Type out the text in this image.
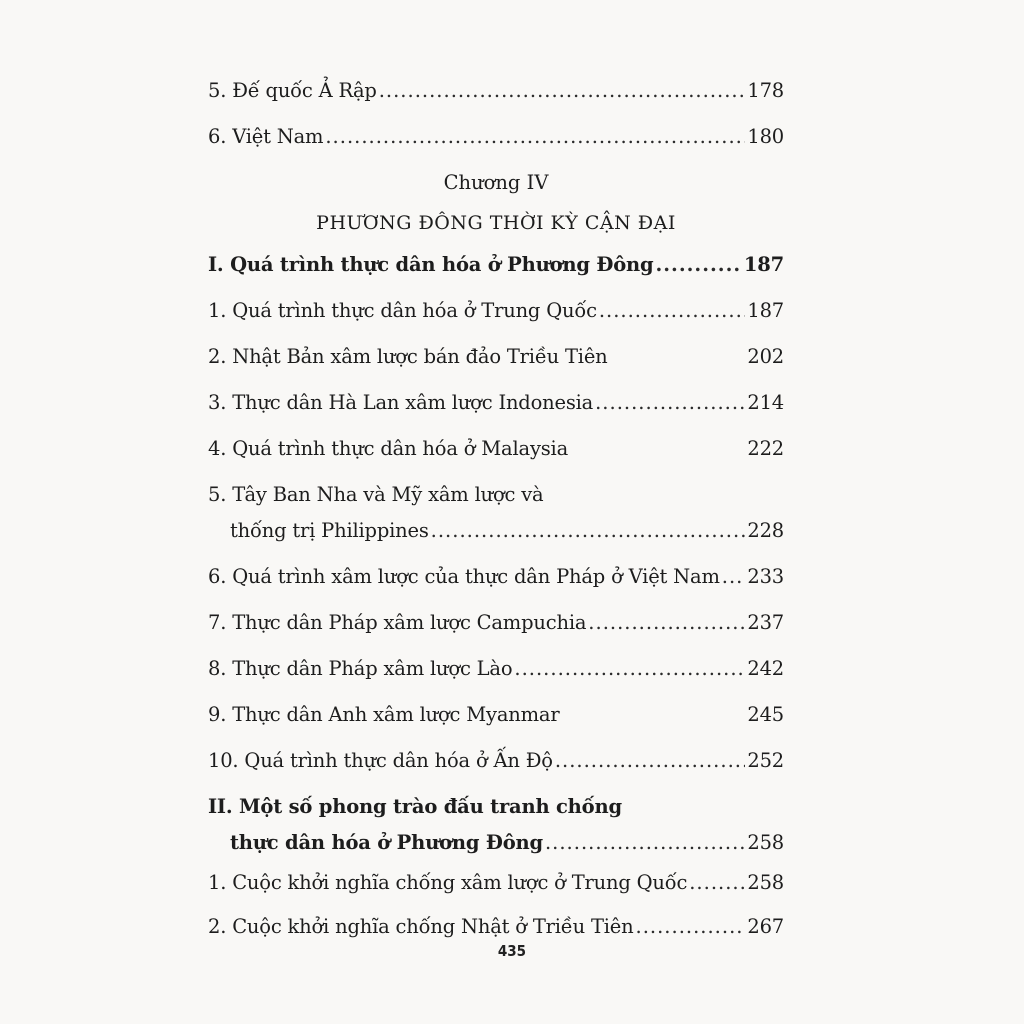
5. Đế quốc Ả Rập .....	178
6. Việt Nam .....	180
Chương IV
PHƯƠNG ĐÔNG THỜI KỲ CẬN ĐẠI
I. Quá trình thực dân hóa ở Phương Đông .....	187
1. Quá trình thực dân hóa ở Trung Quốc .....	187
2. Nhật Bản xâm lược bán đảo Triều Tiên	202
3. Thực dân Hà Lan xâm lược Indonesia .....	214
4. Quá trình thực dân hóa ở Malaysia	222
5. Tây Ban Nha và Mỹ xâm lược và
thống trị Philippines .....	228
6. Quá trình xâm lược của thực dân Pháp ở Việt Nam ..... 233
7. Thực dân Pháp xâm lược Campuchia .....	237
8. Thực dân Pháp xâm lược Lào .....	242
9. Thực dân Anh xâm lược Myanmar	245
10. Quá trình thực dân hóa ở Ấn Độ .....	252
II. Một số phong trào đấu tranh chống
thực dân hóa ở Phương Đông .....	258
1. Cuộc khởi nghĩa chống xâm lược ở Trung Quốc .....	258
2. Cuộc khởi nghĩa chống Nhật ở Triều Tiên .....	267
435
